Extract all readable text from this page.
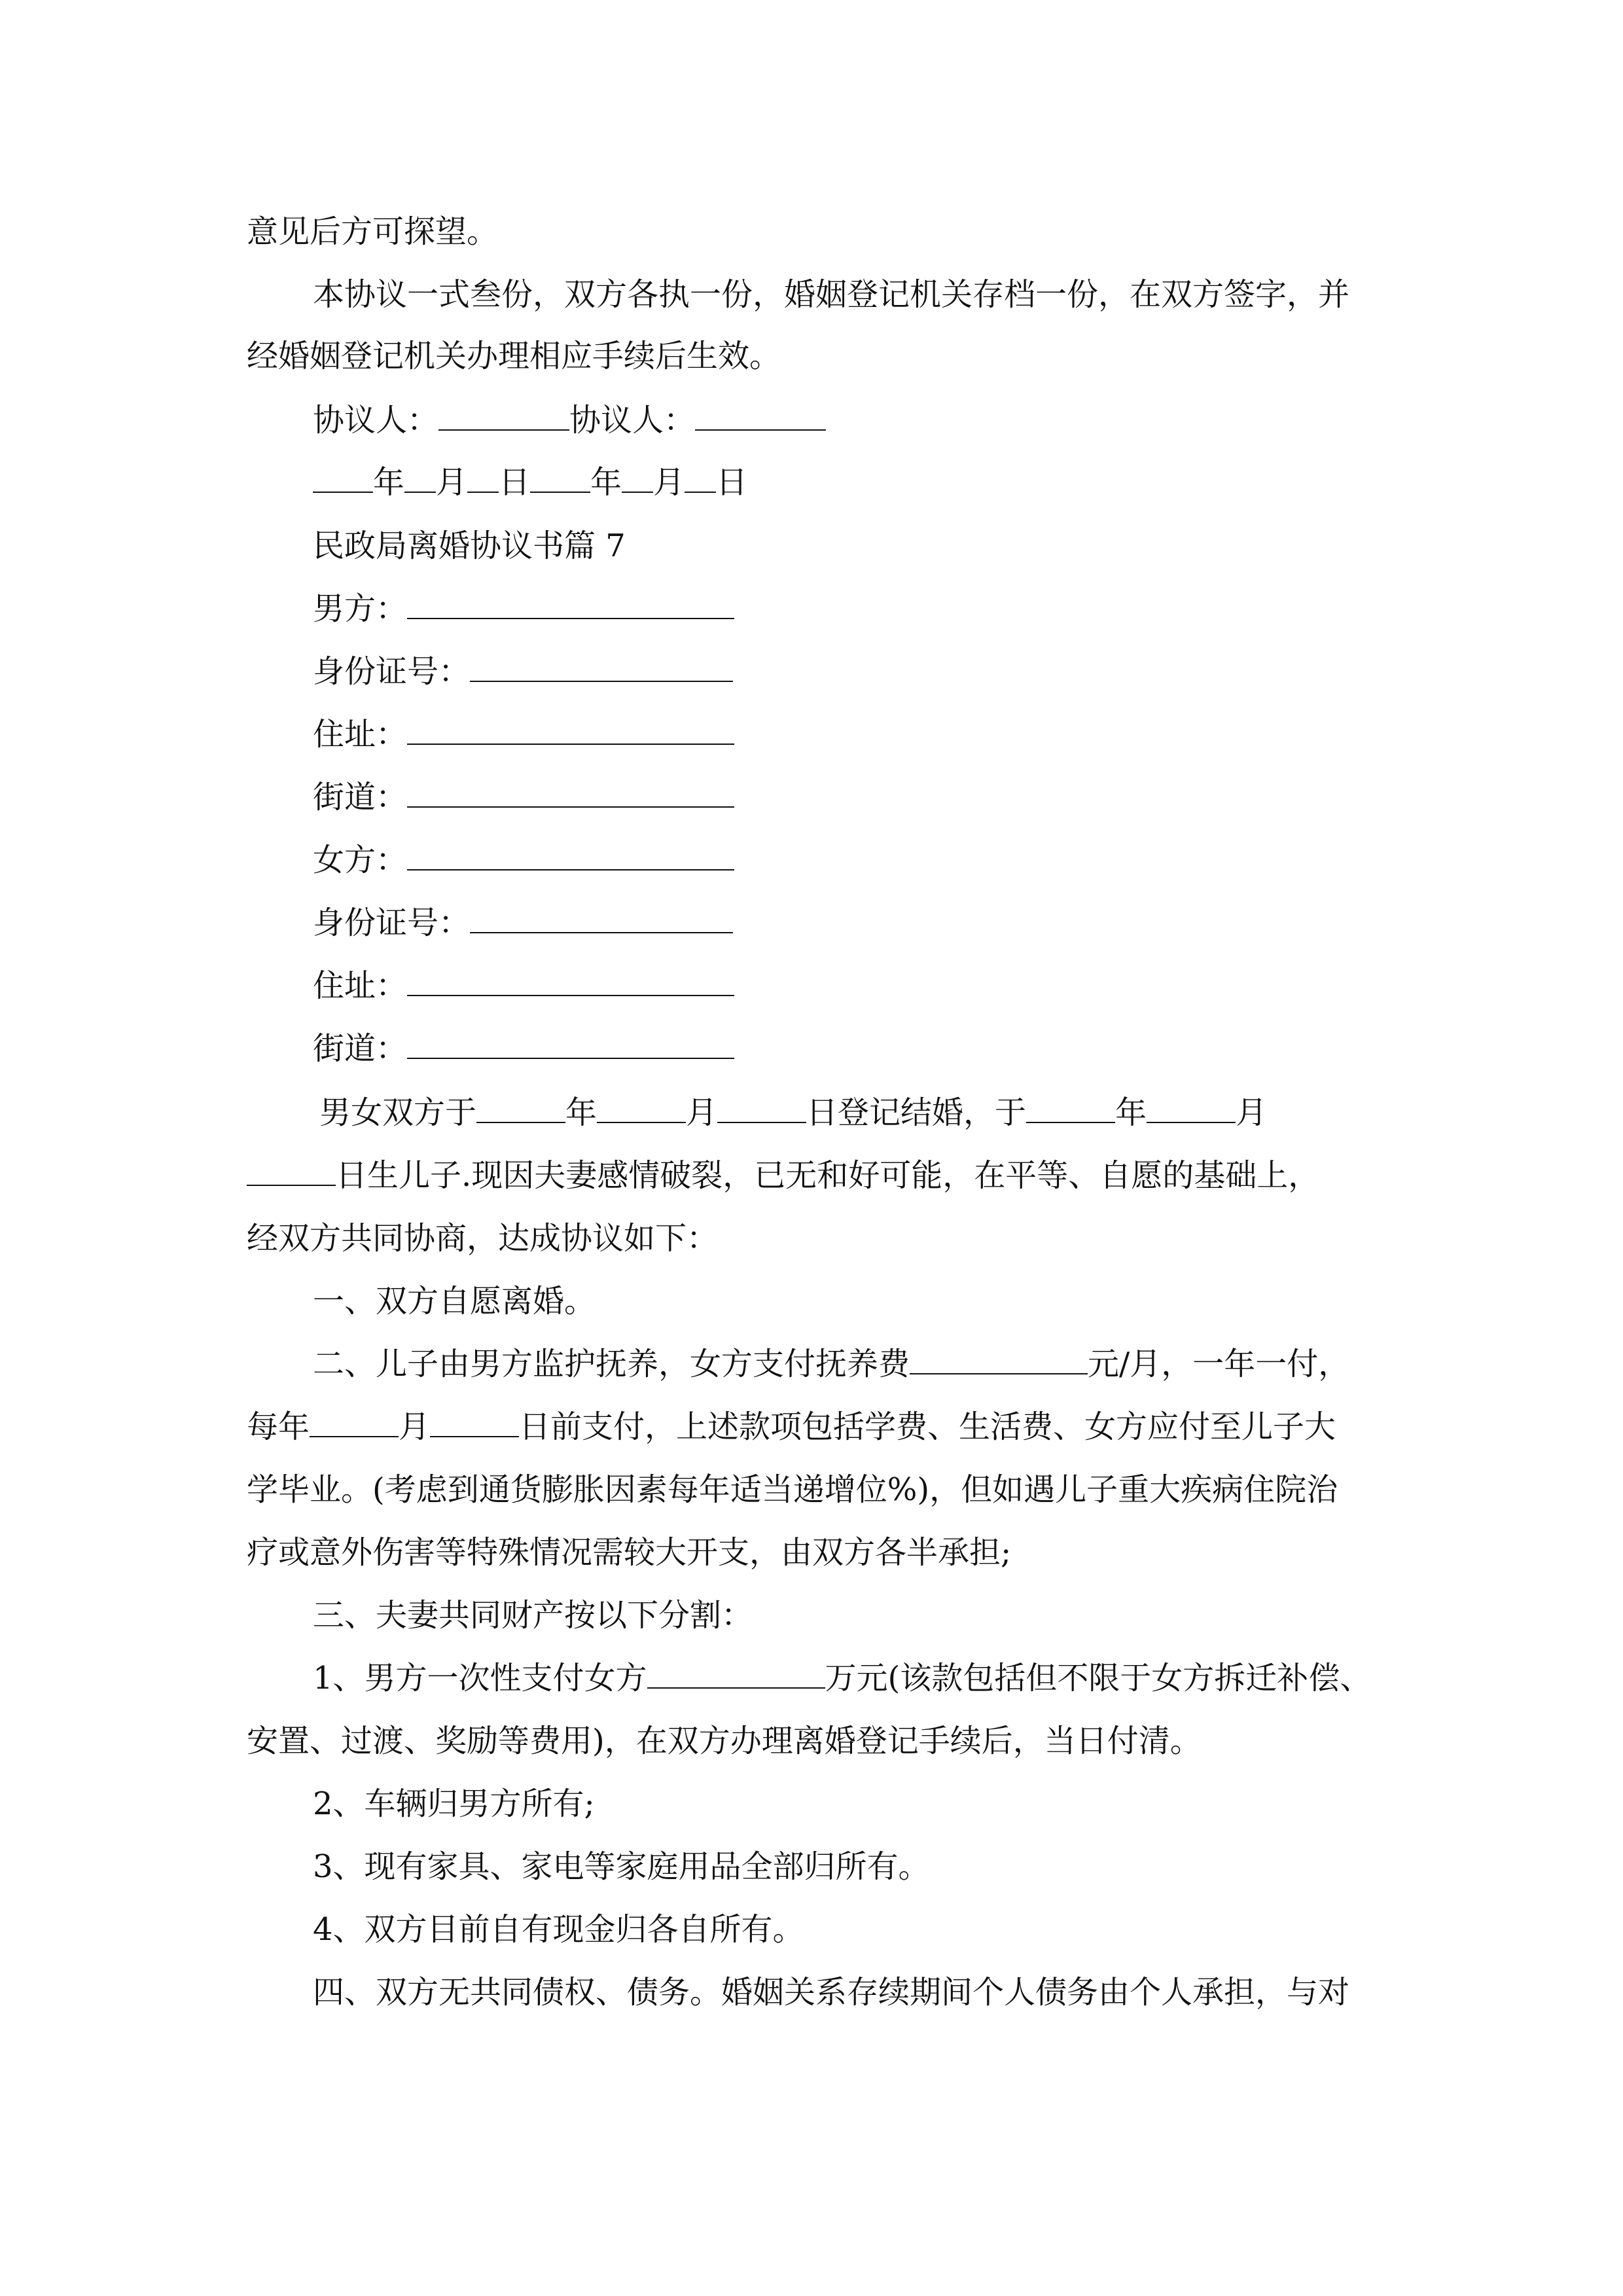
意见后方可探望。
本协议一式叁份，双方各执一份，婚姻登记机关存档一份，在双方签字，并
经婚姻登记机关办理相应手续后生效。
协议人：	协议人：
年 月 日 年 月 日
民政局离婚协议书篇 7
男方：
身份证号：
住址：
街道：
女方：
身份证号：
住址：
街道：
男女双方于	年	月	日登记结婚，于	年	月
日生儿子.现因夫妻感情破裂，已无和好可能，在平等、自愿的基础上，
经双方共同协商，达成协议如下：
一、双方自愿离婚。
二、儿子由男方监护抚养，女方支付抚养费	元/月，一年一付，
每年	月	日前支付，上述款项包括学费、生活费、女方应付至儿子大
学毕业。(考虑到通货膨胀因素每年适当递增位%)，但如遇儿子重大疾病住院治
疗或意外伤害等特殊情况需较大开支，由双方各半承担;
三、夫妻共同财产按以下分割：
1、男方一次性支付女方	万元(该款包括但不限于女方拆迁补偿、
安置、过渡、奖励等费用)，在双方办理离婚登记手续后，当日付清。
2、车辆归男方所有;
3、现有家具、家电等家庭用品全部归所有。
4、双方目前自有现金归各自所有。
四、双方无共同债权、债务。婚姻关系存续期间个人债务由个人承担，与对
